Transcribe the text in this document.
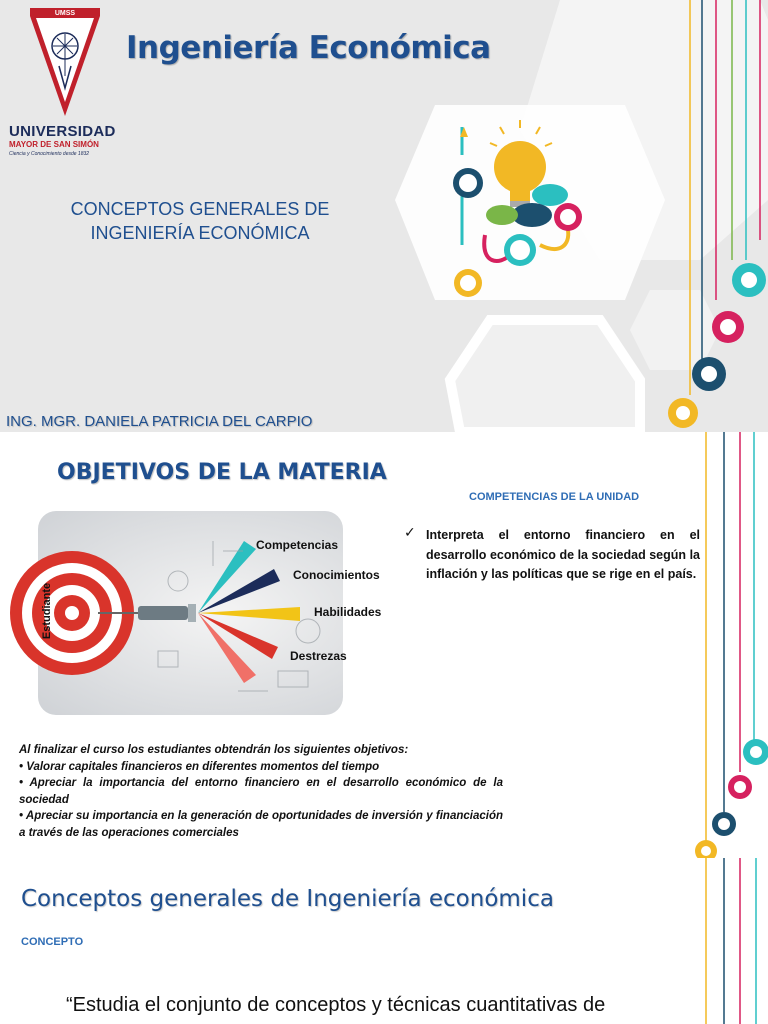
UMSS
UNIVERSIDAD
MAYOR DE SAN SIMÓN
Ciencia y Conocimiento desde 1832
Ingeniería Económica
CONCEPTOS GENERALES DE
INGENIERÍA ECONÓMICA
ING. MGR. DANIELA PATRICIA DEL CARPIO
OBJETIVOS DE LA MATERIA
COMPETENCIAS DE LA UNIDAD
✓ Interpreta el entorno financiero en el desarrollo económico de la sociedad según la inflación y las políticas que se rige en el país.
Estudiante
Competencias
Conocimientos
Habilidades
Destrezas
Al finalizar el curso los estudiantes obtendrán los siguientes objetivos:
• Valorar capitales financieros en diferentes momentos del tiempo
• Apreciar la importancia del entorno financiero en el desarrollo económico de la sociedad
• Apreciar su importancia en la generación de oportunidades de inversión y financiación a través de las operaciones comerciales
Conceptos generales de Ingeniería económica
CONCEPTO
“Estudia el conjunto de conceptos y técnicas cuantitativas de
